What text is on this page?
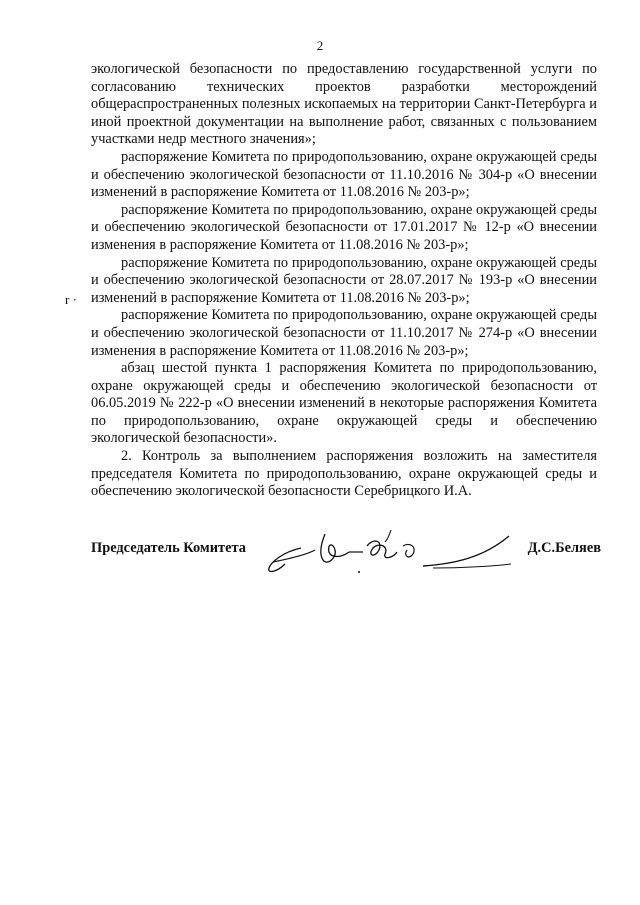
2
r ·

экологической безопасности по предоставлению государственной услуги по согласованию технических проектов разработки месторождений общераспространенных полезных ископаемых на территории Санкт-Петербурга и иной проектной документации на выполнение работ, связанных с пользованием участками недр местного значения»;

распоряжение Комитета по природопользованию, охране окружающей среды и обеспечению экологической безопасности от 11.10.2016 № 304-р «О внесении изменений в распоряжение Комитета от 11.08.2016 № 203-р»;

распоряжение Комитета по природопользованию, охране окружающей среды и обеспечению экологической безопасности от 17.01.2017 № 12-р «О внесении изменения в распоряжение Комитета от 11.08.2016 № 203-р»;

распоряжение Комитета по природопользованию, охране окружающей среды и обеспечению экологической безопасности от 28.07.2017 № 193-р «О внесении изменений в распоряжение Комитета от 11.08.2016 № 203-р»;

распоряжение Комитета по природопользованию, охране окружающей среды и обеспечению экологической безопасности от 11.10.2017 № 274-р «О внесении изменения в распоряжение Комитета от 11.08.2016 № 203-р»;

абзац шестой пункта 1 распоряжения Комитета по природопользованию, охране окружающей среды и обеспечению экологической безопасности от 06.05.2019 № 222-р «О внесении изменений в некоторые распоряжения Комитета по природопользованию, охране окружающей среды и обеспечению экологической безопасности».

2. Контроль за выполнением распоряжения возложить на заместителя председателя Комитета по природопользованию, охране окружающей среды и обеспечению экологической безопасности Серебрицкого И.А.

Председатель Комитета	Д.С.Беляев
